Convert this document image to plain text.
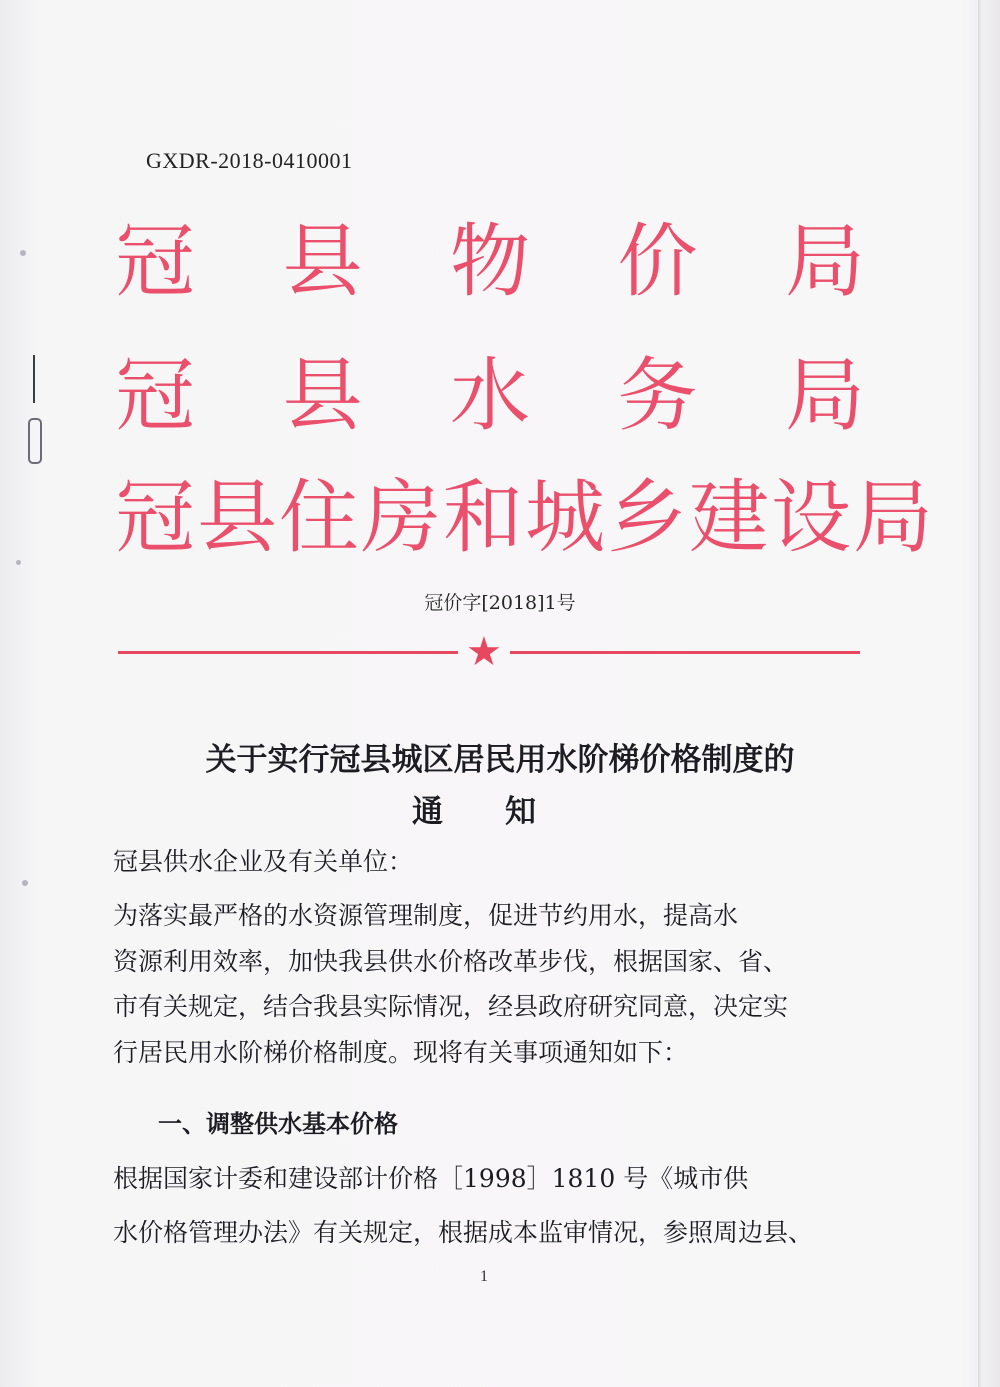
GXDR-2018-0410001
冠 县 物 价 局
冠 县 水 务 局
冠 县 住 房 和 城 乡 建 设 局
冠价字[2018]1号
★
关于实行冠县城区居民用水阶梯价格制度的
通知
冠县供水企业及有关单位：
为落实最严格的水资源管理制度，促进节约用水，提高水
资源利用效率，加快我县供水价格改革步伐，根据国家、省、
市有关规定，结合我县实际情况，经县政府研究同意，决定实
行居民用水阶梯价格制度。现将有关事项通知如下：
一、调整供水基本价格
根据国家计委和建设部计价格［1998］1810 号《城市供
水价格管理办法》有关规定，根据成本监审情况，参照周边县、
1
